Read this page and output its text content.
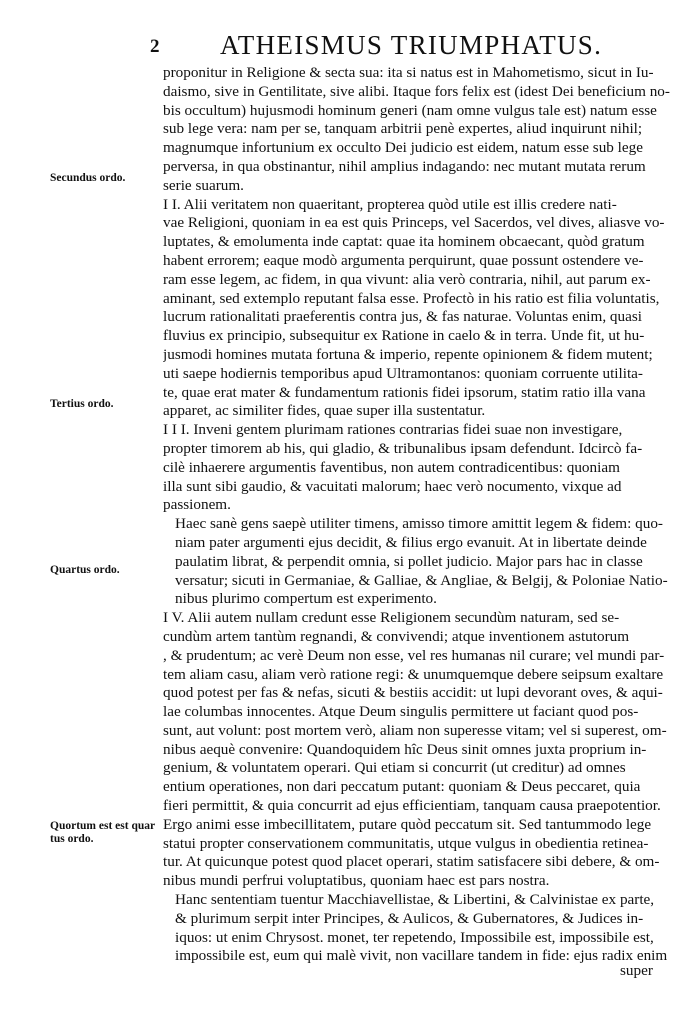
2 ATHEISMUS TRIUMPHATUS.
Secundus ordo.
Tertius ordo.
Quartus ordo.
Quortum est est quar tus ordo.
proponitur in Religione & secta sua: ita si natus est in Mahometismo, sicut in Iu-
daismo, sive in Gentilitate, sive alibi. Itaque fors felix est (idest Dei beneficium no-
bis occultum) hujusmodi hominum generi (nam omne vulgus tale est) natum esse
sub lege vera: nam per se, tanquam arbitrii penè expertes, aliud inquirunt nihil;
magnumque infortunium ex occulto Dei judicio est eidem, natum esse sub lege
perversa, in qua obstinantur, nihil amplius indagando: nec mutant mutata rerum
serie suarum.
I I. Alii veritatem non quaeritant, propterea quòd utile est illis credere nati-
vae Religioni, quoniam in ea est quis Princeps, vel Sacerdos, vel dives, aliasve vo-
luptates, & emolumenta inde captat: quae ita hominem obcaecant, quòd gratum
habent errorem; eaque modò argumenta perquirunt, quae possunt ostendere ve-
ram esse legem, ac fidem, in qua vivunt: alia verò contraria, nihil, aut parum ex-
aminant, sed extemplo reputant falsa esse. Profectò in his ratio est filia voluntatis,
lucrum rationalitati praeferentis contra jus, & fas naturae. Voluntas enim, quasi
fluvius ex principio, subsequitur ex Ratione in caelo & in terra. Unde fit, ut hu-
jusmodi homines mutata fortuna & imperio, repente opinionem & fidem mutent;
uti saepe hodiernis temporibus apud Ultramontanos: quoniam corruente utilita-
te, quae erat mater & fundamentum rationis fidei ipsorum, statim ratio illa vana
apparet, ac similiter fides, quae super illa sustentatur.
I I I. Inveni gentem plurimam rationes contrarias fidei suae non investigare,
propter timorem ab his, qui gladio, & tribunalibus ipsam defendunt. Idcircò fa-
cilè inhaerere argumentis faventibus, non autem contradicentibus: quoniam
illa sunt sibi gaudio, & vacuitati malorum; haec verò nocumento, vixque ad
passionem.
Haec sanè gens saepè utiliter timens, amisso timore amittit legem & fidem: quo-
niam pater argumenti ejus decidit, & filius ergo evanuit. At in libertate deinde
paulatim librat, & perpendit omnia, si pollet judicio. Major pars hac in classe
versatur; sicuti in Germaniae, & Galliae, & Angliae, & Belgij, & Poloniae Natio-
nibus plurimo compertum est experimento.
I V. Alii autem nullam credunt esse Religionem secundùm naturam, sed se-
cundùm artem tantùm regnandi, & convivendi; atque inventionem astutorum
, & prudentum; ac verè Deum non esse, vel res humanas nil curare; vel mundi par-
tem aliam casu, aliam verò ratione regi: & unumquemque debere seipsum exaltare
quod potest per fas & nefas, sicuti & bestiis accidit: ut lupi devorant oves, & aqui-
lae columbas innocentes. Atque Deum singulis permittere ut faciant quod pos-
sunt, aut volunt: post mortem verò, aliam non superesse vitam; vel si superest, om-
nibus aequè convenire: Quandoquidem hîc Deus sinit omnes juxta proprium in-
genium, & voluntatem operari. Qui etiam si concurrit (ut creditur) ad omnes
entium operationes, non dari peccatum putant: quoniam & Deus peccaret, quia
fieri permittit, & quia concurrit ad ejus efficientiam, tanquam causa praepotentior.
Ergo animi esse imbecillitatem, putare quòd peccatum sit. Sed tantummodo lege
statui propter conservationem communitatis, utque vulgus in obedientia retinea-
tur. At quicunque potest quod placet operari, statim satisfacere sibi debere, & om-
nibus mundi perfrui voluptatibus, quoniam haec est pars nostra.
Hanc sententiam tuentur Macchiavellistae, & Libertini, & Calvinistae ex parte,
& plurimum serpit inter Principes, & Aulicos, & Gubernatores, & Judices in-
iquos: ut enim Chrysost. monet, ter repetendo, Impossibile est, impossibile est,
impossibile est, eum qui malè vivit, non vacillare tandem in fide: ejus radix enim
super
